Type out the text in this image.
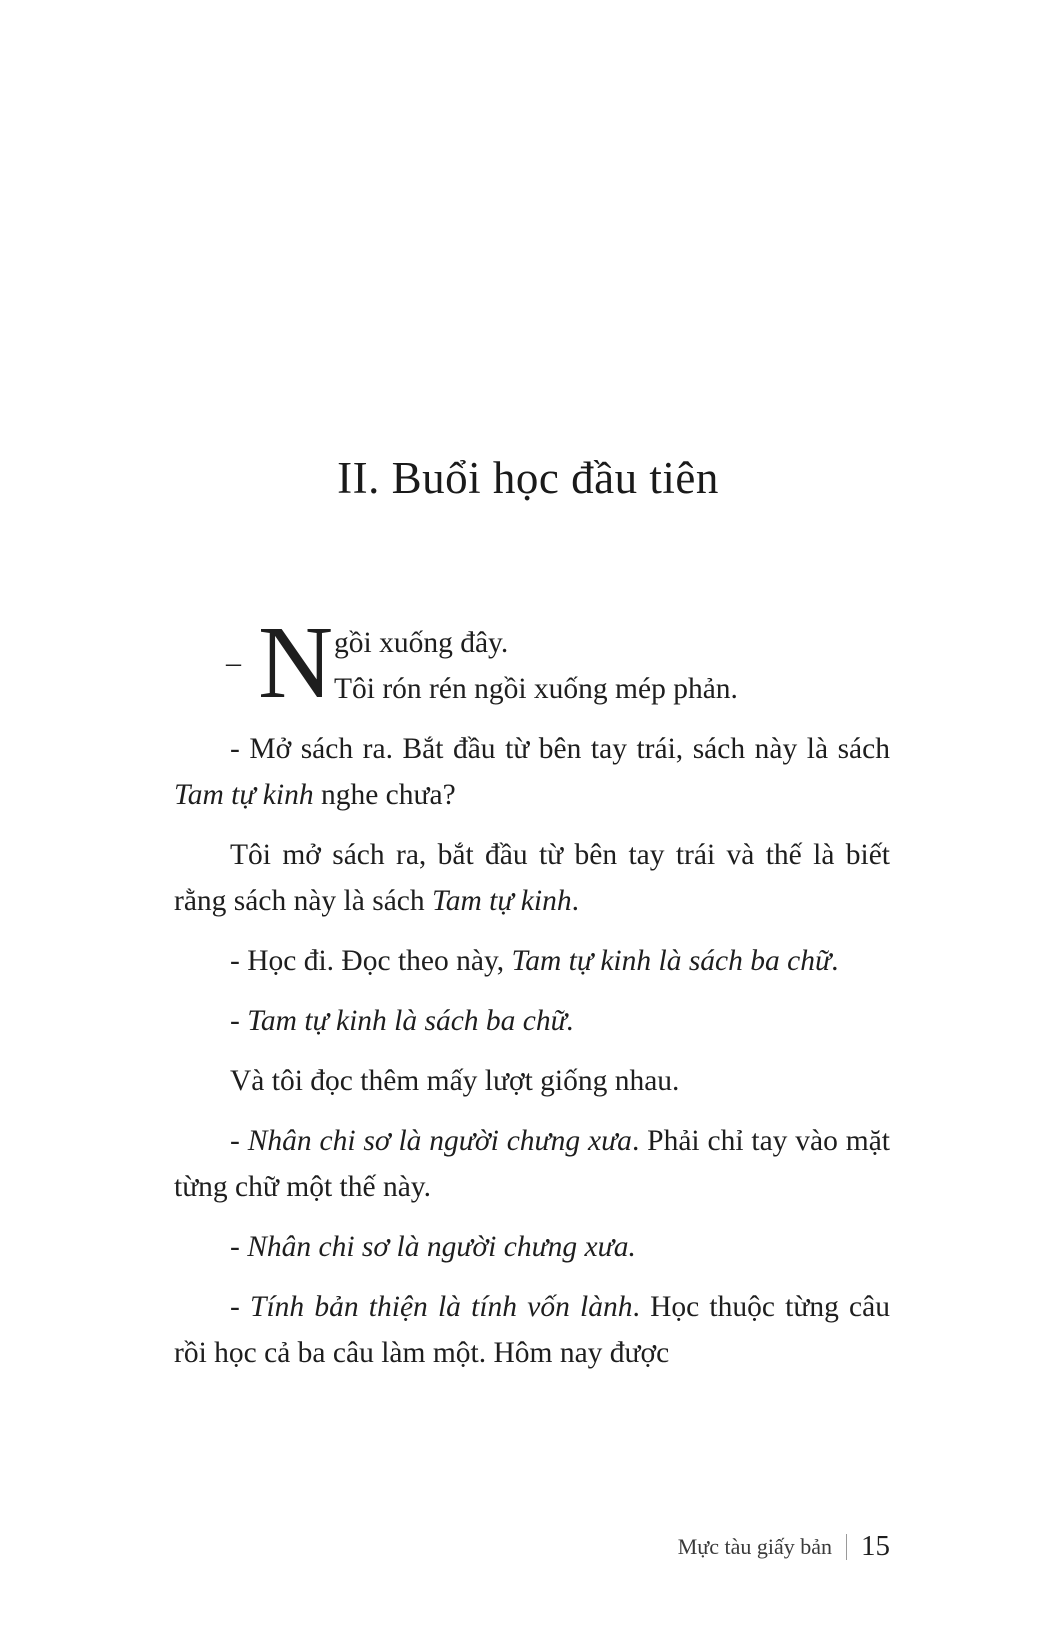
II. Buổi học đầu tiên
– N gồi xuống đây.
Tôi rón rén ngồi xuống mép phản.

- Mở sách ra. Bắt đầu từ bên tay trái, sách này là sách Tam tự kinh nghe chưa?

Tôi mở sách ra, bắt đầu từ bên tay trái và thế là biết rằng sách này là sách Tam tự kinh.

- Học đi. Đọc theo này, Tam tự kinh là sách ba chữ.

- Tam tự kinh là sách ba chữ.

Và tôi đọc thêm mấy lượt giống nhau.

- Nhân chi sơ là người chưng xưa. Phải chỉ tay vào mặt từng chữ một thế này.

- Nhân chi sơ là người chưng xưa.

- Tính bản thiện là tính vốn lành. Học thuộc từng câu rồi học cả ba câu làm một. Hôm nay được

Mực tàu giấy bản 15
